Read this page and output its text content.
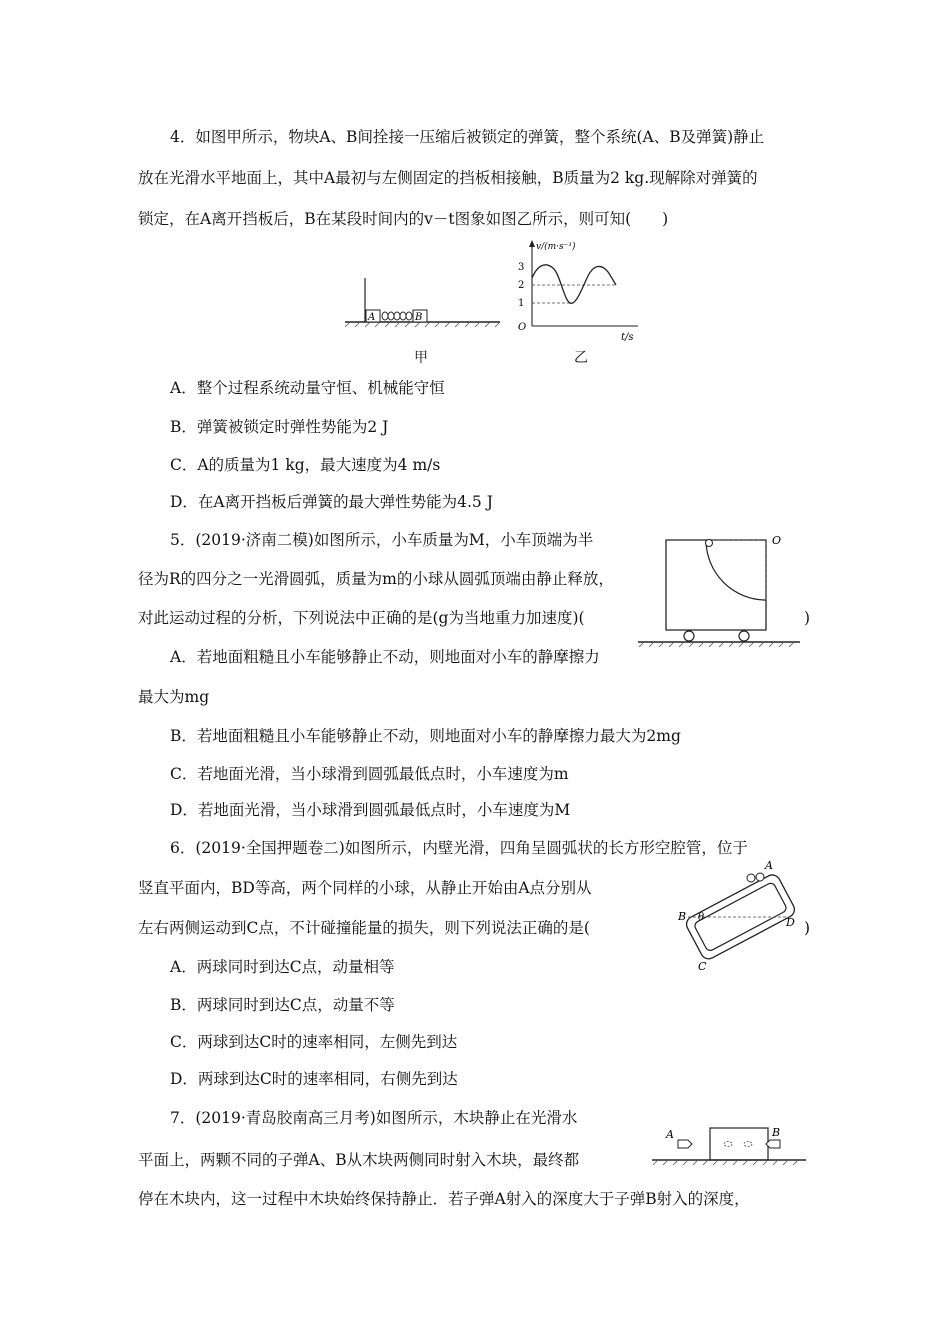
4．如图甲所示，物块A、B间拴接一压缩后被锁定的弹簧，整个系统(A、B及弹簧)静止
放在光滑水平地面上，其中A最初与左侧固定的挡板相接触，B质量为2 kg.现解除对弹簧的
锁定，在A离开挡板后，B在某段时间内的v－t图象如图乙所示，则可知(　　)
A	B
甲
v/(m·s⁻¹)
3
2
1
O
t/s
乙
A．整个过程系统动量守恒、机械能守恒
B．弹簧被锁定时弹性势能为2 J
C．A的质量为1 kg，最大速度为4 m/s
D．在A离开挡板后弹簧的最大弹性势能为4.5 J
5．(2019·济南二模)如图所示，小车质量为M，小车顶端为半
径为R的四分之一光滑圆弧，质量为m的小球从圆弧顶端由静止释放，
对此运动过程的分析，下列说法中正确的是(g为当地重力加速度)(	)
O
A．若地面粗糙且小车能够静止不动，则地面对小车的静摩擦力
最大为mg
B．若地面粗糙且小车能够静止不动，则地面对小车的静摩擦力最大为2mg
C．若地面光滑，当小球滑到圆弧最低点时，小车速度为m
D．若地面光滑，当小球滑到圆弧最低点时，小车速度为M
6．(2019·全国押题卷二)如图所示，内壁光滑，四角呈圆弧状的长方形空腔管，位于
竖直平面内，BD等高，两个同样的小球，从静止开始由A点分别从
左右两侧运动到C点，不计碰撞能量的损失，则下列说法正确的是(	)
A
B θ	D
C
A．两球同时到达C点，动量相等
B．两球同时到达C点，动量不等
C．两球到达C时的速率相同，左侧先到达
D．两球到达C时的速率相同，右侧先到达
7．(2019·青岛胶南高三月考)如图所示，木块静止在光滑水
平面上，两颗不同的子弹A、B从木块两侧同时射入木块，最终都
停在木块内，这一过程中木块始终保持静止．若子弹A射入的深度大于子弹B射入的深度，
A	B
